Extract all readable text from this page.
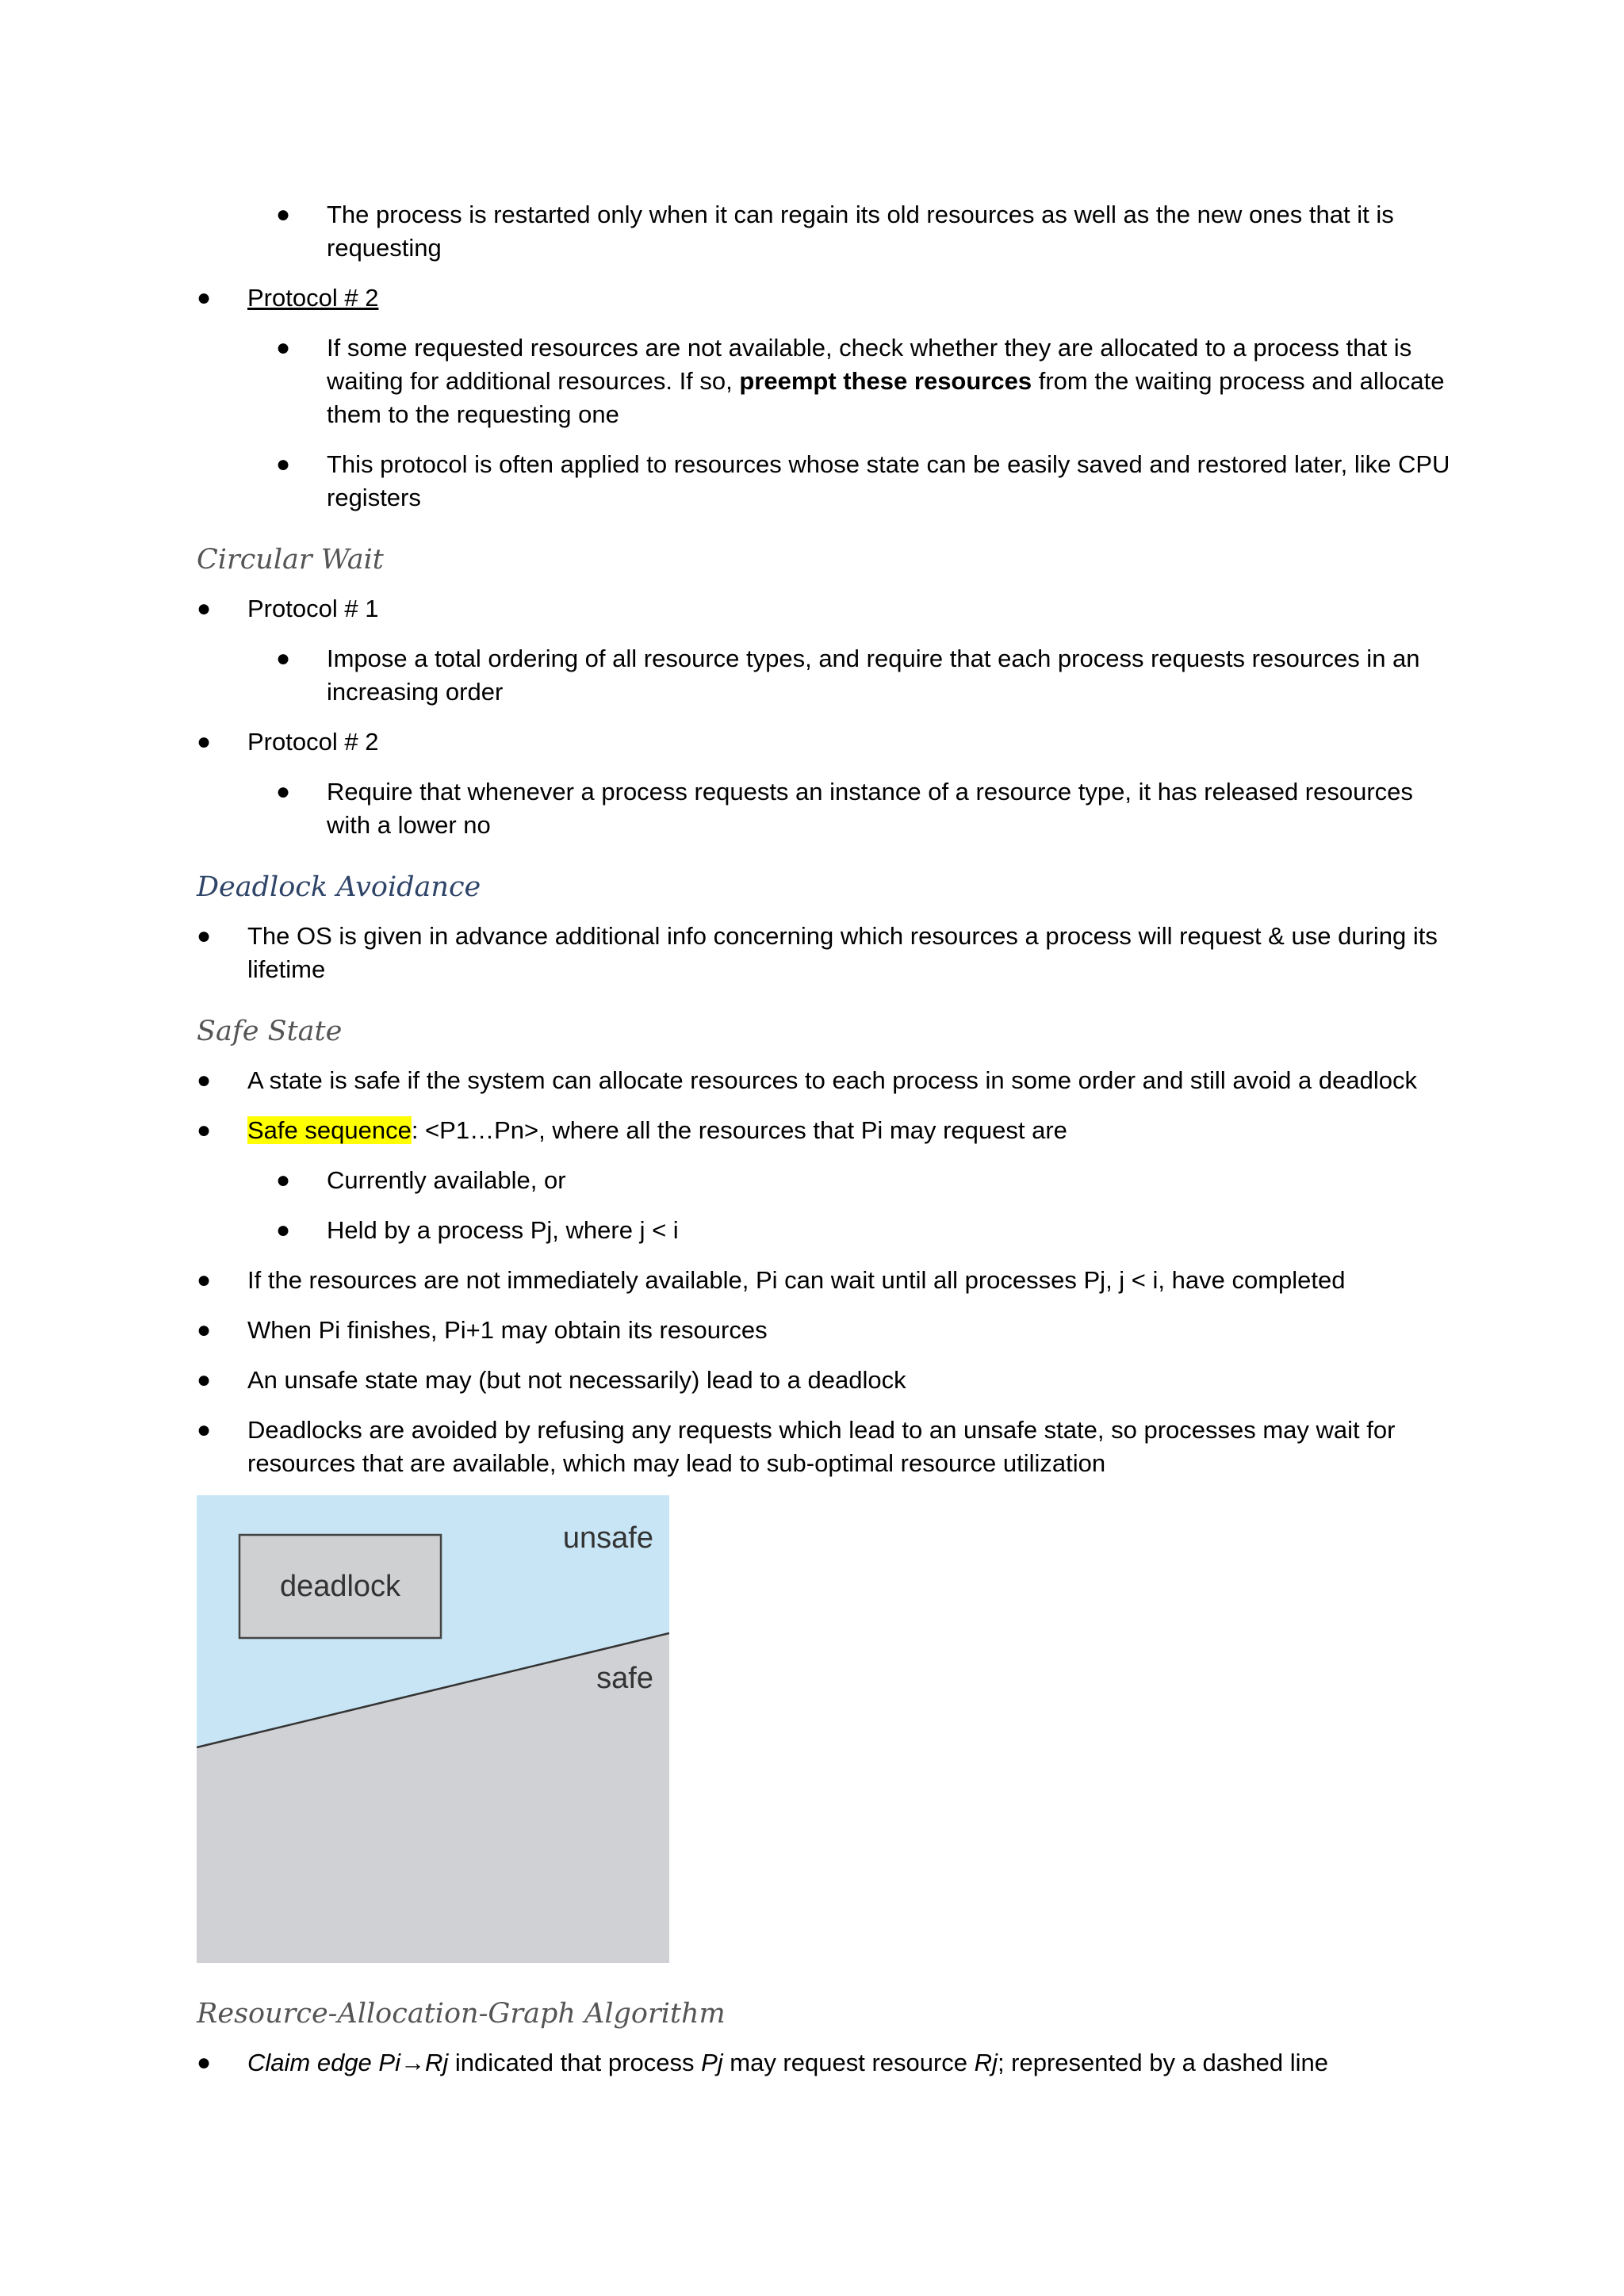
● The process is restarted only when it can regain its old resources as well as the new ones that it is
requesting
● Protocol # 2
● If some requested resources are not available, check whether they are allocated to a process that is waiting for additional resources. If so, preempt these resources from the waiting process and allocate them to the requesting one
● This protocol is often applied to resources whose state can be easily saved and restored later, like CPU registers
Circular Wait
● Protocol # 1
● Impose a total ordering of all resource types, and require that each process requests resources in an increasing order
● Protocol # 2
● Require that whenever a process requests an instance of a resource type, it has released resources with a lower no
Deadlock Avoidance
● The OS is given in advance additional info concerning which resources a process will request & use during its lifetime
Safe State
● A state is safe if the system can allocate resources to each process in some order and still avoid a deadlock
● Safe sequence: <P1…Pn>, where all the resources that Pi may request are
● Currently available, or
● Held by a process Pj, where j < i
● If the resources are not immediately available, Pi can wait until all processes Pj, j < i, have completed
● When Pi finishes, Pi+1 may obtain its resources
● An unsafe state may (but not necessarily) lead to a deadlock
● Deadlocks are avoided by refusing any requests which lead to an unsafe state, so processes may wait for resources that are available, which may lead to sub-optimal resource utilization
deadlock
unsafe
safe
Resource-Allocation-Graph Algorithm
● Claim edge Pi→Rj indicated that process Pj may request resource Rj; represented by a dashed line
